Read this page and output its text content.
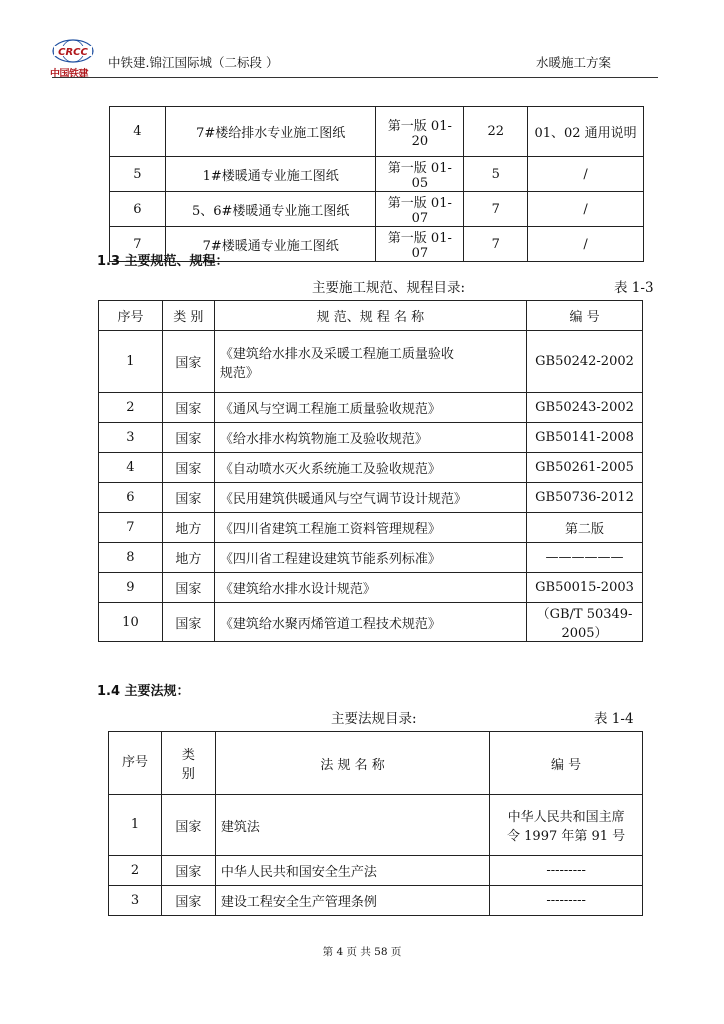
CRCC
中国铁建
中铁建.锦江国际城（二标段 ）	水暖施工方案
4	7#楼给排水专业施工图纸	第一版 01-20	22	01、02 通用说明
5	1#楼暖通专业施工图纸	第一版 01-05	5	/
6	5、6#楼暖通专业施工图纸	第一版 01-07	7	/
7	7#楼暖通专业施工图纸	第一版 01-07	7	/
1.3 主要规范、规程：
主要施工规范、规程目录:	表 1-3
序号	类 别	规 范、规 程 名 称	编 号
1	国家	《建筑给水排水及采暖工程施工质量验收
规范》	GB50242-2002
2	国家	《通风与空调工程施工质量验收规范》	GB50243-2002
3	国家	《给水排水构筑物施工及验收规范》	GB50141-2008
4	国家	《自动喷水灭火系统施工及验收规范》	GB50261-2005
6	国家	《民用建筑供暖通风与空气调节设计规范》	GB50736-2012
7	地方	《四川省建筑工程施工资料管理规程》	第二版
8	地方	《四川省工程建设建筑节能系列标准》	——————
9	国家	《建筑给水排水设计规范》	GB50015-2003
10	国家	《建筑给水聚丙烯管道工程技术规范》	（GB/T 50349-2005）
1.4 主要法规：
主要法规目录:	表 1-4
序号	类
别	法 规 名 称	编 号
1	国家	建筑法	中华人民共和国主席
令 1997 年第 91 号
2	国家	中华人民共和国安全生产法	---------
3	国家	建设工程安全生产管理条例	---------
第 4 页 共 58 页
